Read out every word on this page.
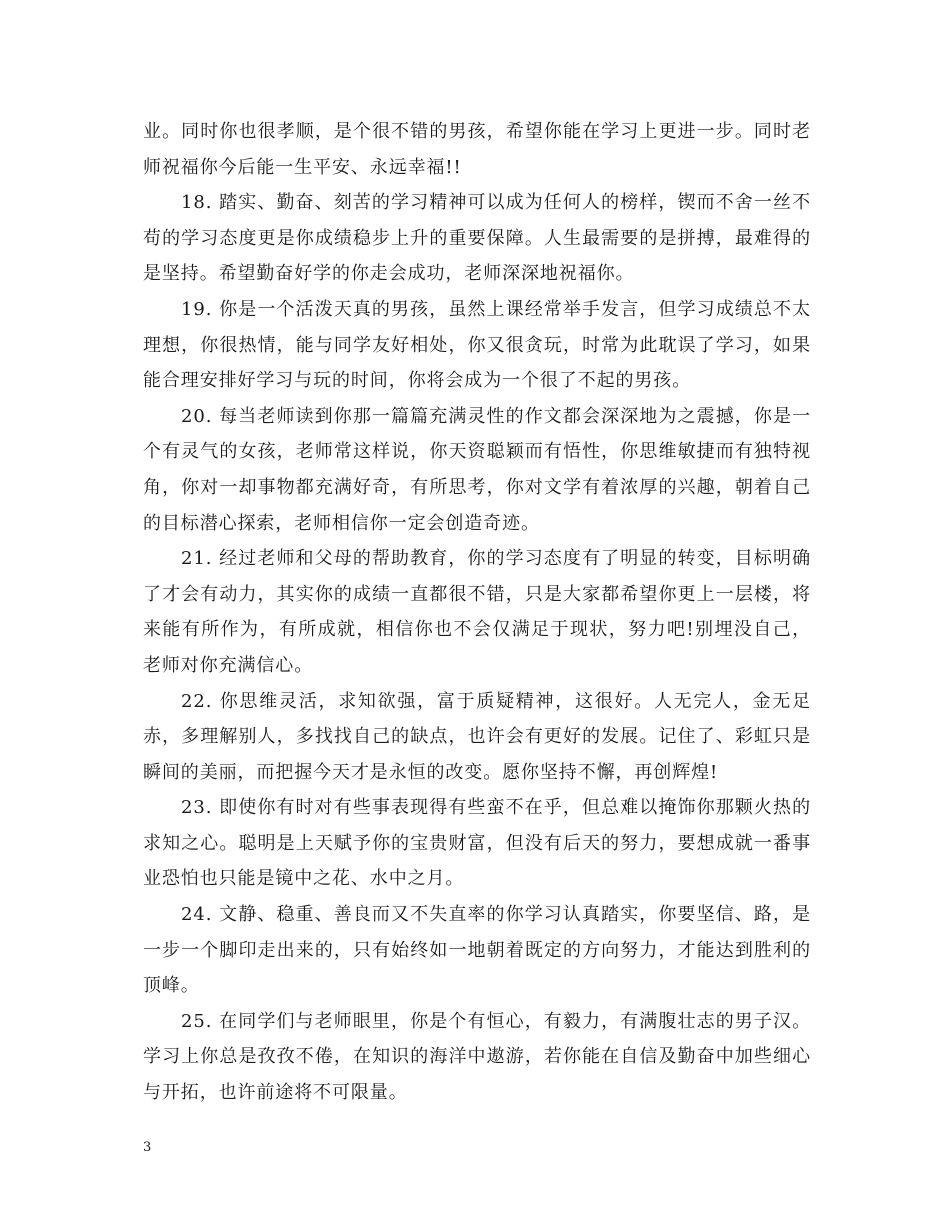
业。同时你也很孝顺，是个很不错的男孩，希望你能在学习上更进一步。同时老师祝福你今后能一生平安、永远幸福!!

18. 踏实、勤奋、刻苦的学习精神可以成为任何人的榜样，锲而不舍一丝不苟的学习态度更是你成绩稳步上升的重要保障。人生最需要的是拼搏，最难得的是坚持。希望勤奋好学的你走会成功，老师深深地祝福你。

19. 你是一个活泼天真的男孩，虽然上课经常举手发言，但学习成绩总不太理想，你很热情，能与同学友好相处，你又很贪玩，时常为此耽误了学习，如果能合理安排好学习与玩的时间，你将会成为一个很了不起的男孩。

20. 每当老师读到你那一篇篇充满灵性的作文都会深深地为之震撼，你是一个有灵气的女孩，老师常这样说，你天资聪颖而有悟性，你思维敏捷而有独特视角，你对一却事物都充满好奇，有所思考，你对文学有着浓厚的兴趣，朝着自己的目标潜心探索，老师相信你一定会创造奇迹。

21. 经过老师和父母的帮助教育，你的学习态度有了明显的转变，目标明确了才会有动力，其实你的成绩一直都很不错，只是大家都希望你更上一层楼，将来能有所作为，有所成就，相信你也不会仅满足于现状，努力吧!别埋没自己，老师对你充满信心。

22. 你思维灵活，求知欲强，富于质疑精神，这很好。人无完人，金无足赤，多理解别人，多找找自己的缺点，也许会有更好的发展。记住了、彩虹只是瞬间的美丽，而把握今天才是永恒的改变。愿你坚持不懈，再创辉煌!

23. 即使你有时对有些事表现得有些蛮不在乎，但总难以掩饰你那颗火热的求知之心。聪明是上天赋予你的宝贵财富，但没有后天的努力，要想成就一番事业恐怕也只能是镜中之花、水中之月。

24. 文静、稳重、善良而又不失直率的你学习认真踏实，你要坚信、路，是一步一个脚印走出来的，只有始终如一地朝着既定的方向努力，才能达到胜利的顶峰。

25. 在同学们与老师眼里，你是个有恒心，有毅力，有满腹壮志的男子汉。学习上你总是孜孜不倦，在知识的海洋中遨游，若你能在自信及勤奋中加些细心与开拓，也许前途将不可限量。

3
